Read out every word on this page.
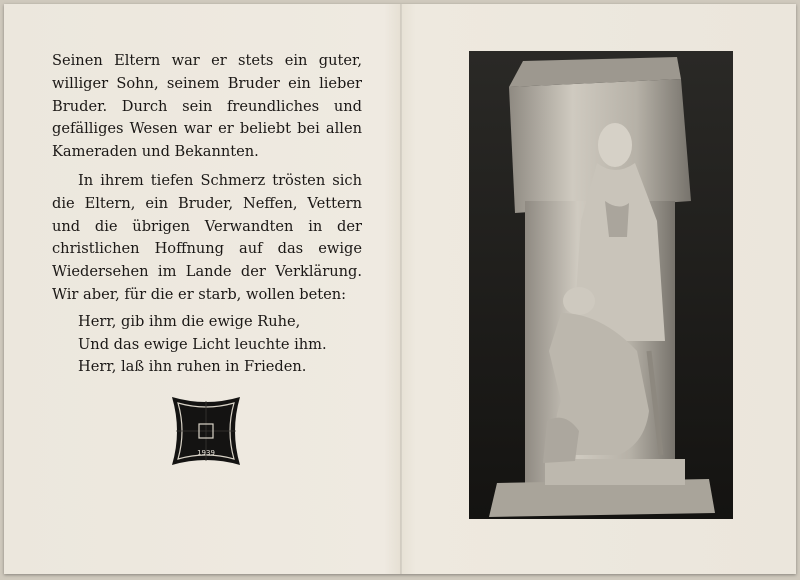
Seinen Eltern war er stets ein guter, williger Sohn, seinem Bruder ein lieber Bruder. Durch sein freundliches und gefälliges Wesen war er beliebt bei allen Kameraden und Bekannten.

In ihrem tiefen Schmerz trösten sich die Eltern, ein Bruder, Neffen, Vettern und die übrigen Verwandten in der christlichen Hoffnung auf das ewige Wiedersehen im Lande der Verklärung. Wir aber, für die er starb, wollen beten:

Herr, gib ihm die ewige Ruhe,
Und das ewige Licht leuchte ihm.
Herr, laß ihn ruhen in Frieden.
1939
